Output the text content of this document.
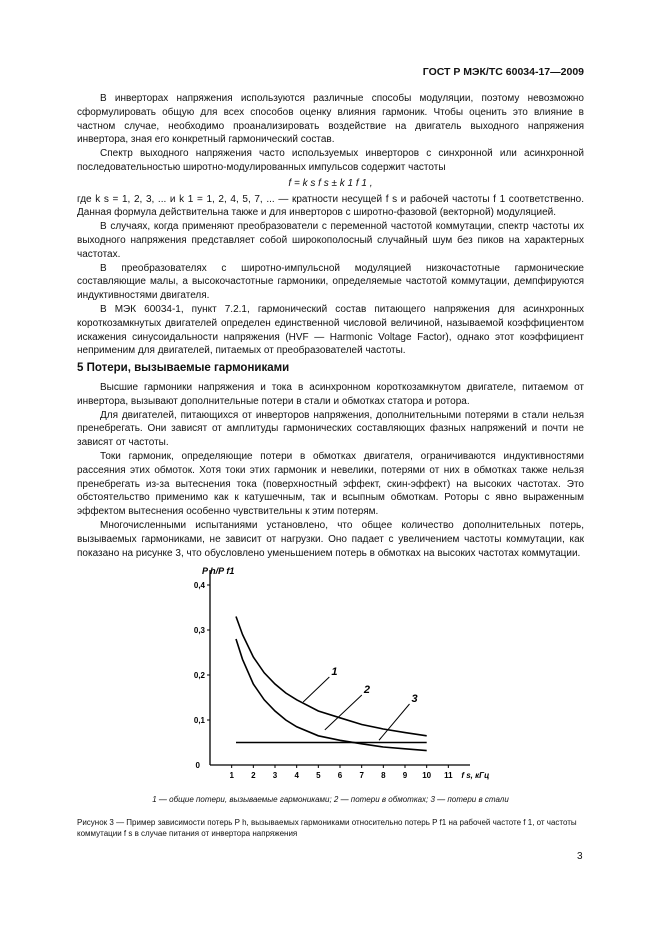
ГОСТ Р МЭК/ТС 60034-17—2009

В инверторах напряжения используются различные способы модуляции, поэтому невозможно сформулировать общую для всех способов оценку влияния гармоник. Чтобы оценить это влияние в частном случае, необходимо проанализировать воздействие на двигатель выходного напряжения инвертора, зная его конкретный гармонический состав.

Спектр выходного напряжения часто используемых инверторов с синхронной или асинхронной последовательностью широтно-модулированных импульсов содержит частоты

f = k s f s ± k 1 f 1 ,

где k s = 1, 2, 3, ... и k 1 = 1, 2, 4, 5, 7, ... — кратности несущей f s и рабочей частоты f 1 соответственно. Данная формула действительна также и для инверторов с широтно-фазовой (векторной) модуляцией.

В случаях, когда применяют преобразователи с переменной частотой коммутации, спектр частоты их выходного напряжения представляет собой широкополосный случайный шум без пиков на характерных частотах.

В преобразователях с широтно-импульсной модуляцией низкочастотные гармонические составляющие малы, а высокочастотные гармоники, определяемые частотой коммутации, демпфируются индуктивностями двигателя.

В МЭК 60034-1, пункт 7.2.1, гармонический состав питающего напряжения для асинхронных короткозамкнутых двигателей определен единственной числовой величиной, называемой коэффициентом искажения синусоидальности напряжения (HVF — Harmonic Voltage Factor), однако этот коэффициент неприменим для двигателей, питаемых от преобразователей частоты.

5 Потери, вызываемые гармониками

Высшие гармоники напряжения и тока в асинхронном короткозамкнутом двигателе, питаемом от инвертора, вызывают дополнительные потери в стали и обмотках статора и ротора.

Для двигателей, питающихся от инверторов напряжения, дополнительными потерями в стали нельзя пренебрегать. Они зависят от амплитуды гармонических составляющих фазных напряжений и почти не зависят от частоты.

Токи гармоник, определяющие потери в обмотках двигателя, ограничиваются индуктивностями рассеяния этих обмоток. Хотя токи этих гармоник и невелики, потерями от них в обмотках также нельзя пренебрегать из-за вытеснения тока (поверхностный эффект, скин-эффект) на высоких частотах. Это обстоятельство применимо как к катушечным, так и всыпным обмоткам. Роторы с явно выраженным эффектом вытеснения особенно чувствительны к этим потерям.

Многочисленными испытаниями установлено, что общее количество дополнительных потерь, вызываемых гармониками, не зависит от нагрузки. Оно падает с увеличением частоты коммутации, как показано на рисунке 3, что обусловлено уменьшением потерь в обмотках на высоких частотах коммутации.

0,1
0,2
0,3
0,4
1 2 3 4 5 6 7 8 9 10 11
0
P h/P f1
f s, кГц
1
2
3
1 — общие потери, вызываемые гармониками; 2 — потери в обмотках; 3 — потери в стали
Рисунок 3 — Пример зависимости потерь P h, вызываемых гармониками относительно потерь P f1 на рабочей частоте f 1, от частоты коммутации f s в случае питания от инвертора напряжения
3
